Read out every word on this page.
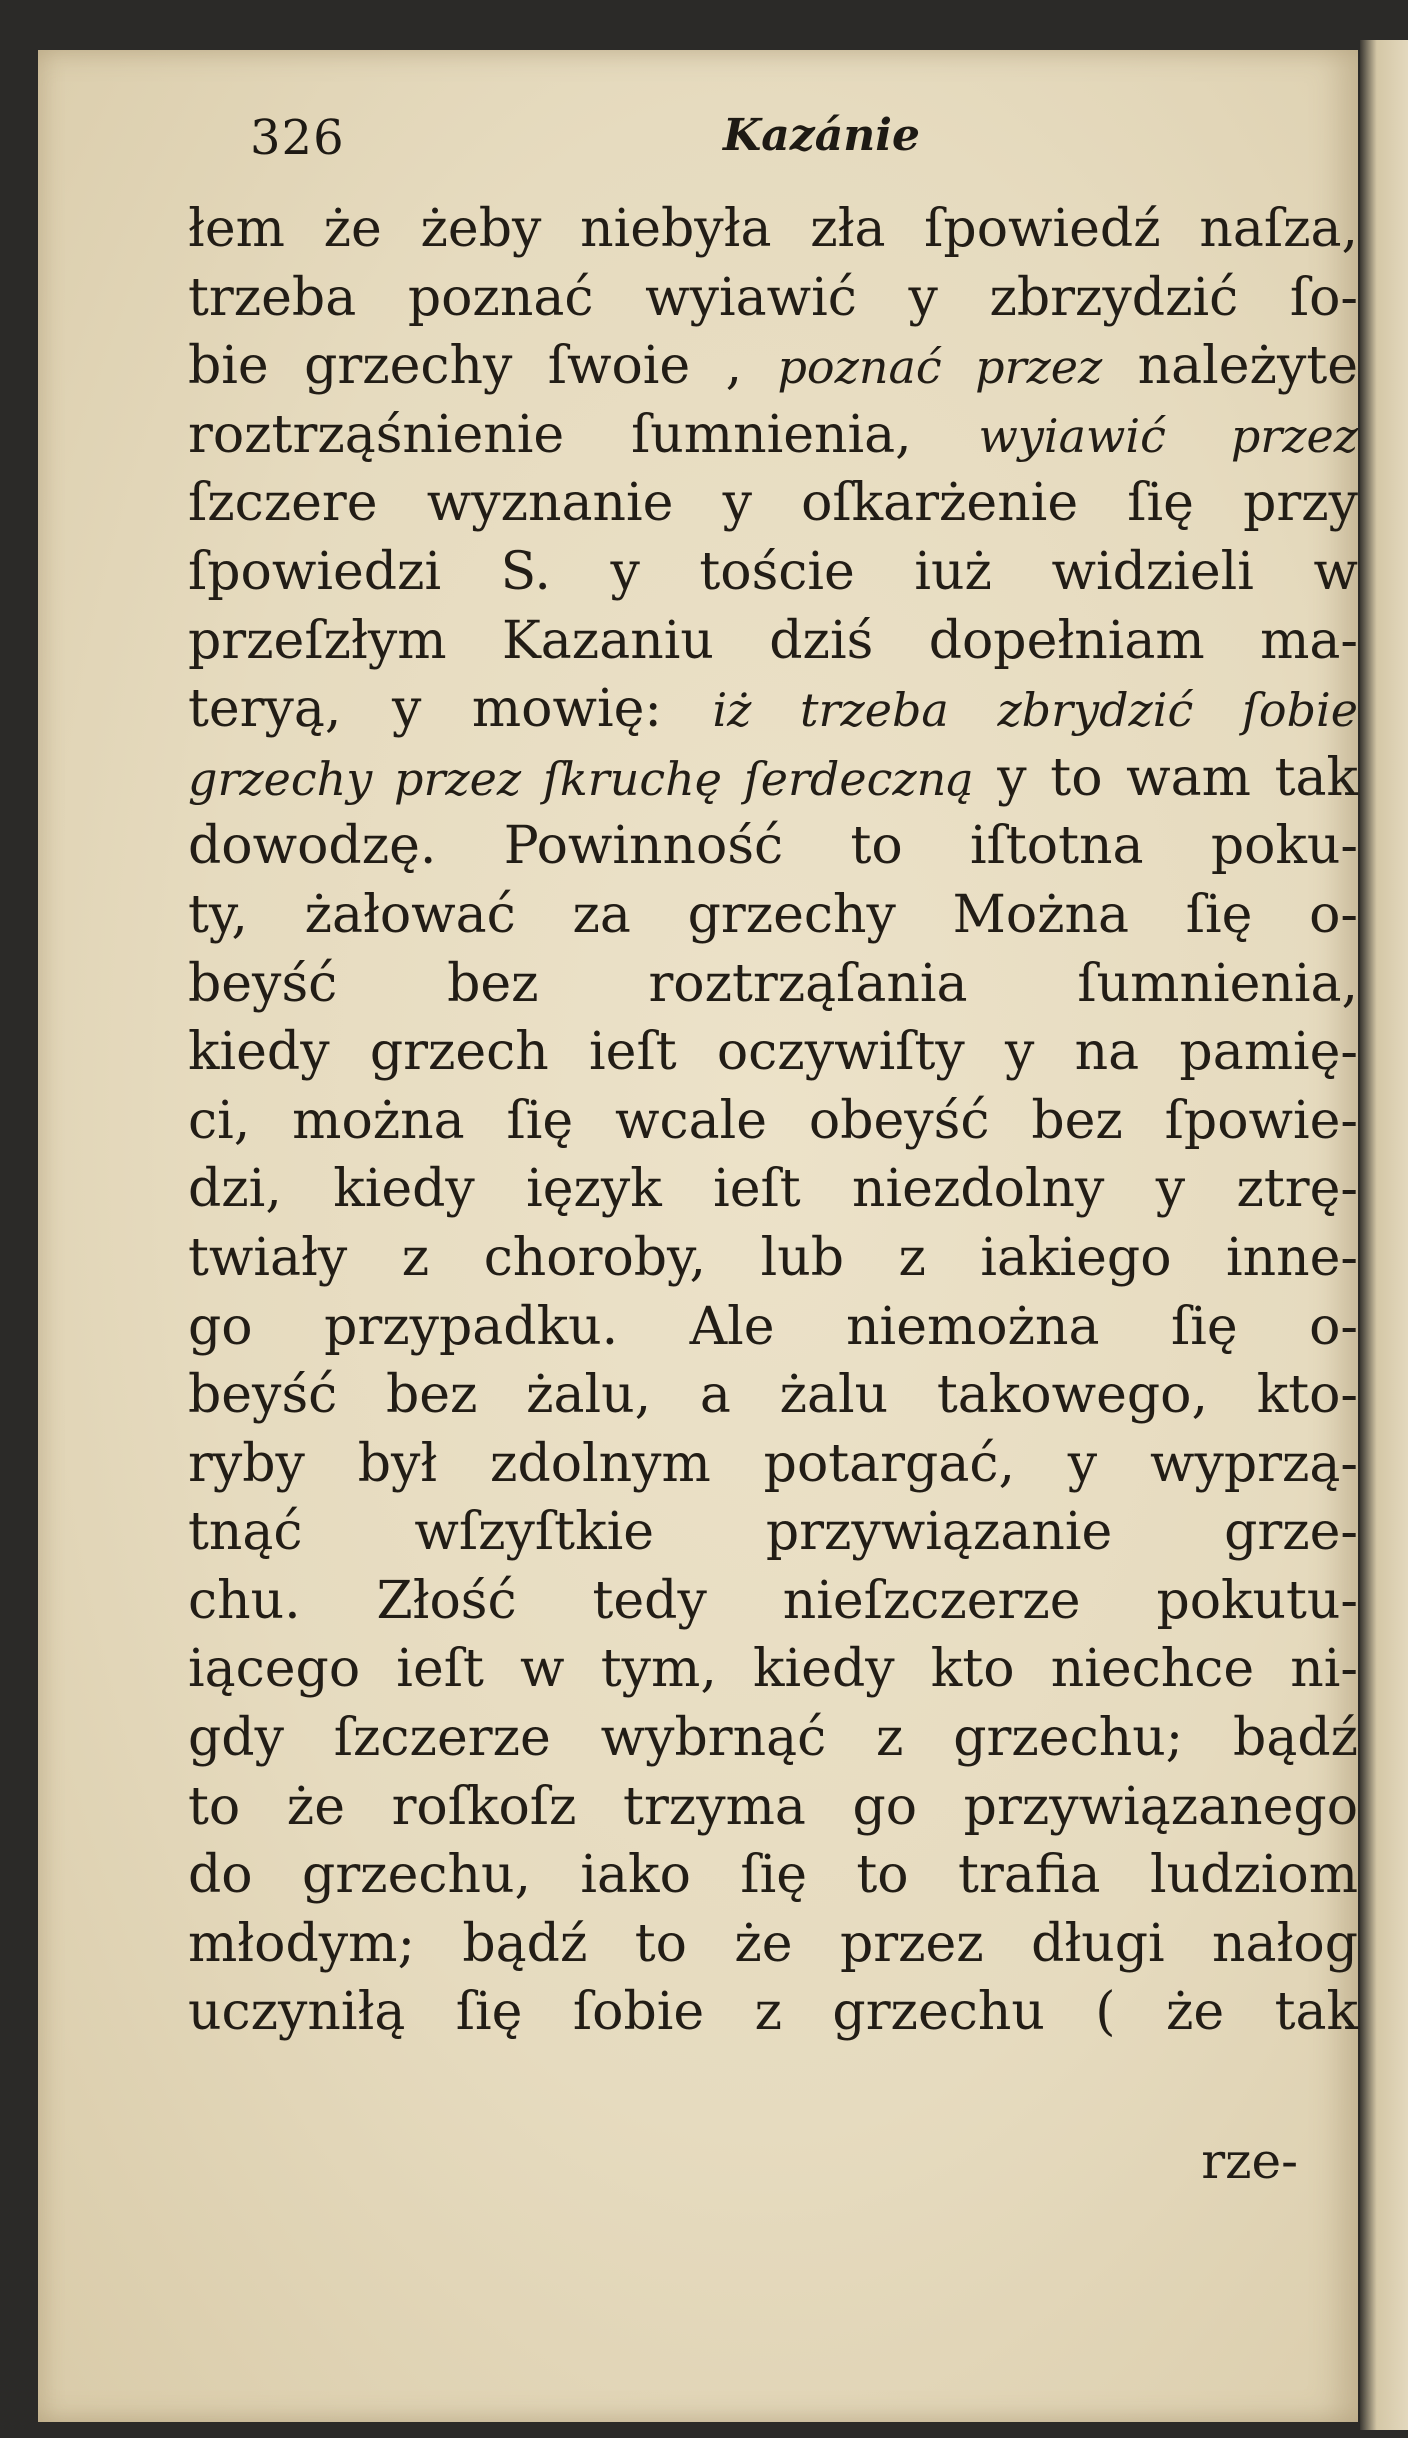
326	Kazánie
łem że żeby niebyła zła ſpowiedź naſza,
trzeba poznać wyiawić y zbrzydzić ſo-
bie grzechy ſwoie , poznać przez należyte
roztrząśnienie ſumnienia, wyiawić przez
ſzczere wyznanie y oſkarżenie ſię przy
ſpowiedzi S. y toście iuż widzieli w
przeſzłym Kazaniu dziś dopełniam ma-
teryą, y mowię: iż trzeba zbrydzić ſobie
grzechy przez ſkruchę ſerdeczną y to wam tak
dowodzę. Powinność to iſtotna poku-
ty, żałować za grzechy Można ſię o-
beyść bez roztrząſania ſumnienia,
kiedy grzech ieſt oczywiſty y na pamię-
ci, można ſię wcale obeyść bez ſpowie-
dzi, kiedy ięzyk ieſt niezdolny y ztrę-
twiały z choroby, lub z iakiego inne-
go przypadku. Ale niemożna ſię o-
beyść bez żalu, a żalu takowego, kto-
ryby był zdolnym potargać, y wyprzą-
tnąć wſzyſtkie przywiązanie grze-
chu. Złość tedy nieſzczerze pokutu-
iącego ieſt w tym, kiedy kto niechce ni-
gdy ſzczerze wybrnąć z grzechu; bądź
to że roſkoſz trzyma go przywiązanego
do grzechu, iako ſię to trafia ludziom
młodym; bądź to że przez długi nałog
uczyniłą ſię ſobie z grzechu ( że tak
rze-
